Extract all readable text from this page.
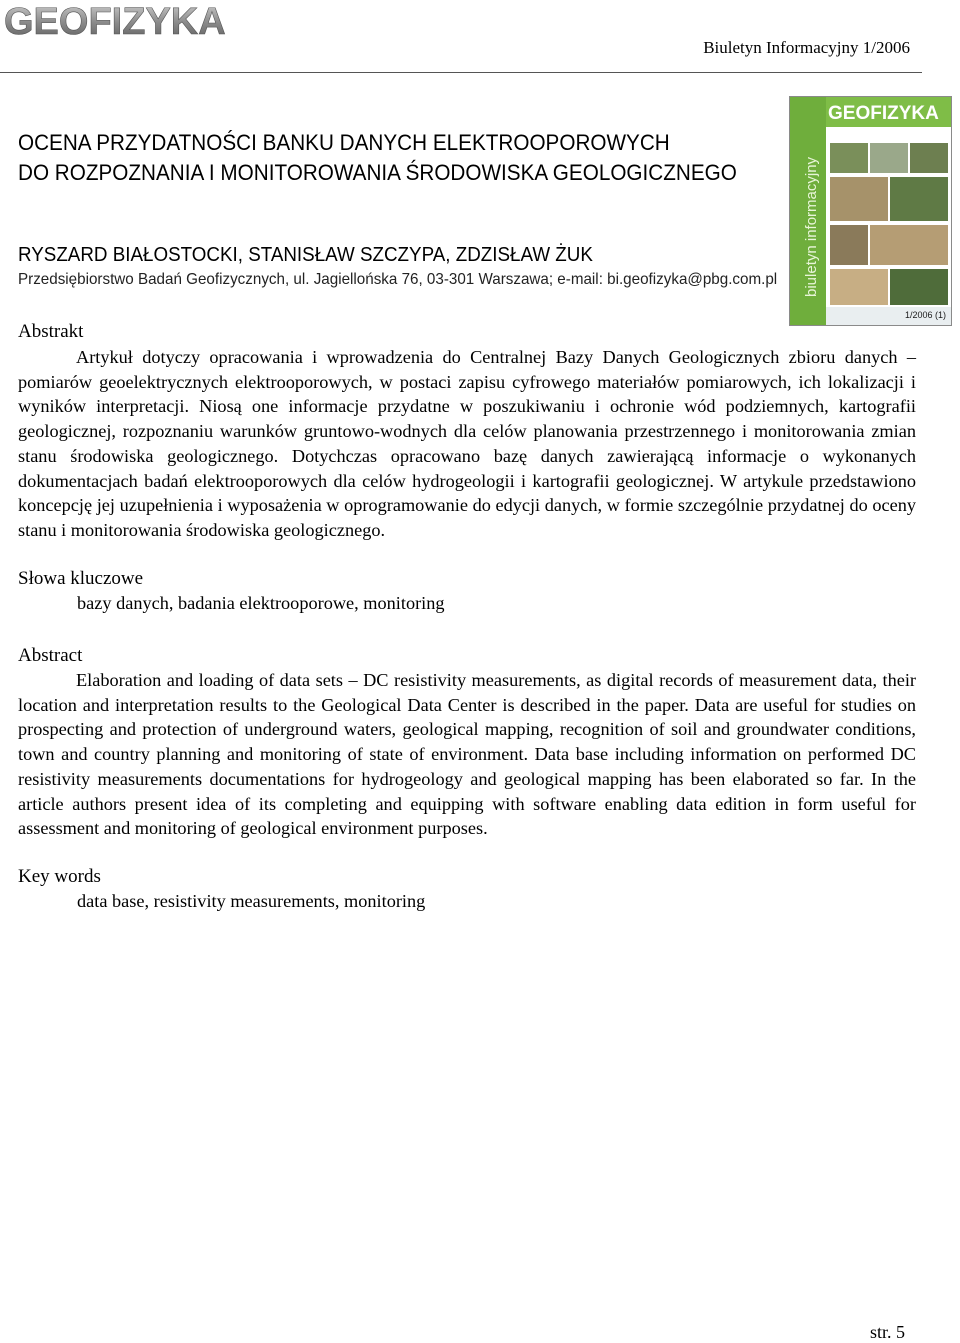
GEOFIZYKA
Biuletyn Informacyjny 1/2006
GEOFIZYKA
biuletyn informacyjny
1/2006 (1)
OCENA PRZYDATNOŚCI BANKU DANYCH ELEKTROOPOROWYCH
DO ROZPOZNANIA I MONITOROWANIA ŚRODOWISKA GEOLOGICZNEGO
RYSZARD BIAŁOSTOCKI, STANISŁAW SZCZYPA, ZDZISŁAW ŻUK
Przedsiębiorstwo Badań Geofizycznych, ul. Jagiellońska 76, 03-301 Warszawa; e-mail: bi.geofizyka@pbg.com.pl
Abstrakt
Artykuł dotyczy opracowania i wprowadzenia do Centralnej Bazy Danych Geologicznych zbioru danych – pomiarów geoelektrycznych elektrooporowych, w postaci zapisu cyfrowego materiałów pomiarowych, ich lokalizacji i wyników interpretacji. Niosą one informacje przydatne w poszukiwaniu i ochronie wód podziemnych, kartografii geologicznej, rozpoznaniu warunków gruntowo-wodnych dla celów planowania przestrzennego i monitorowania zmian stanu środowiska geologicznego. Dotychczas opracowano bazę danych zawierającą informacje o wykonanych dokumentacjach badań elektrooporowych dla celów hydrogeologii i kartografii geologicznej. W artykule przedstawiono koncepcję jej uzupełnienia i wyposażenia w oprogramowanie do edycji danych, w formie szczególnie przydatnej do oceny stanu i monitorowania środowiska geologicznego.
Słowa kluczowe
bazy danych, badania elektrooporowe, monitoring
Abstract
Elaboration and loading of data sets – DC resistivity measurements, as digital records of measurement data, their location and interpretation results to the Geological Data Center is described in the paper. Data are useful for studies on prospecting and protection of underground waters, geological mapping, recognition of soil and groundwater conditions, town and country planning and monitoring of state of environment. Data base including information on performed DC resistivity measurements documentations for hydrogeology and geological mapping has been elaborated so far. In the article authors present idea of its completing and equipping with software enabling data edition in form useful for assessment and monitoring of geological environment purposes.
Key words
data base, resistivity measurements, monitoring
str. 5
